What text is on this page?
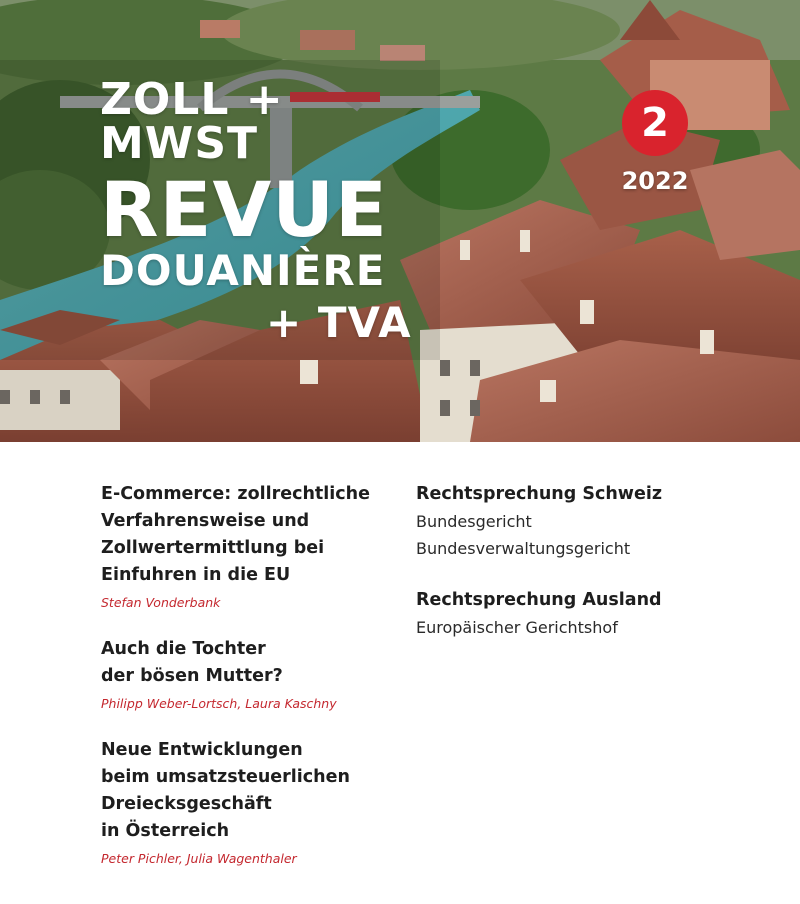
ZOLL +
MWST
REVUE
DOUANIÈRE
+ TVA
2
2022
E-Commerce: zollrechtliche
Verfahrensweise und
Zollwertermittlung bei
Einfuhren in die EU
Stefan Vonderbank
Auch die Tochter
der bösen Mutter?
Philipp Weber-Lortsch, Laura Kaschny
Neue Entwicklungen
beim umsatzsteuerlichen
Dreiecksgeschäft
in Österreich
Peter Pichler, Julia Wagenthaler
Rechtsprechung Schweiz
Bundesgericht
Bundesverwaltungsgericht
Rechtsprechung Ausland
Europäischer Gerichtshof
